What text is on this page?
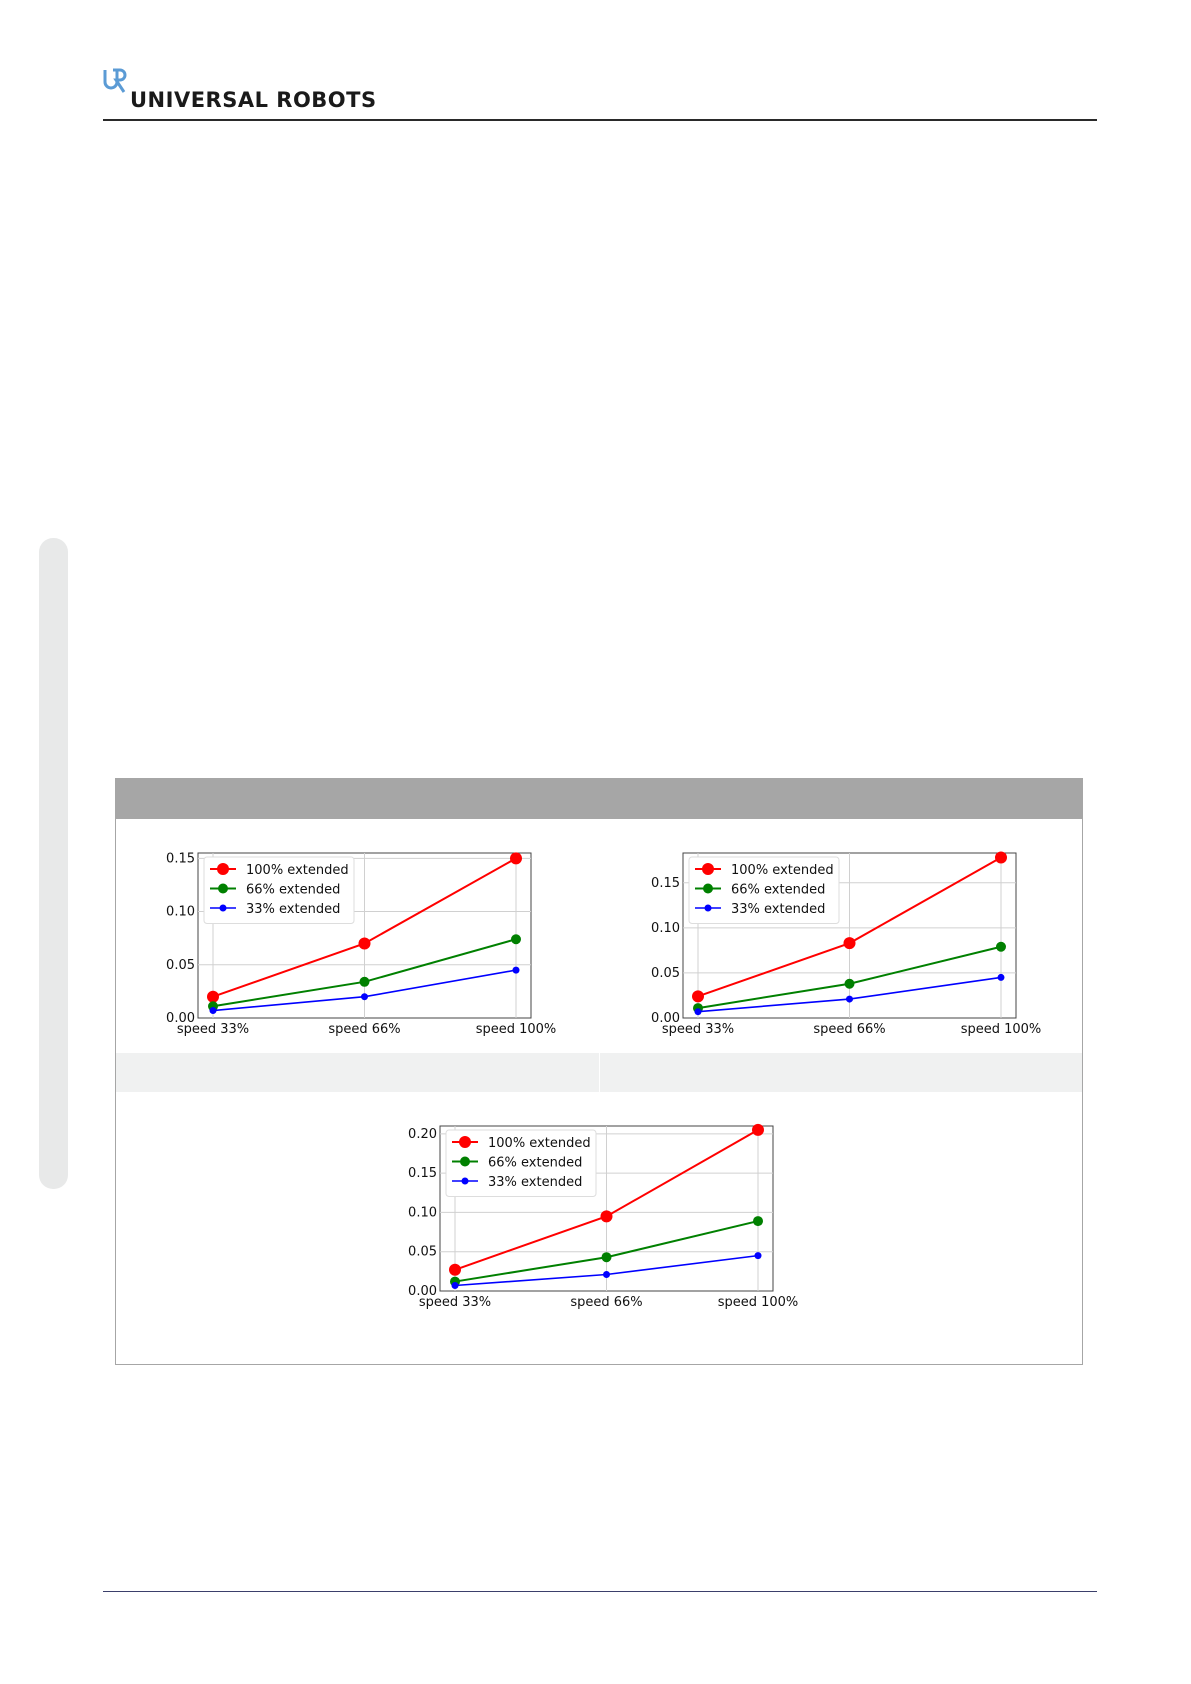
UNIVERSAL ROBOTS
0.00
0.05
0.10
0.15
speed 33%	speed 66%	speed 100%
100% extended
66% extended
33% extended
0.00
0.05
0.10
0.15
speed 33%	speed 66%	speed 100%
100% extended
66% extended
33% extended
0.00
0.05
0.10
0.15
0.20
speed 33%	speed 66%	speed 100%
100% extended
66% extended
33% extended
